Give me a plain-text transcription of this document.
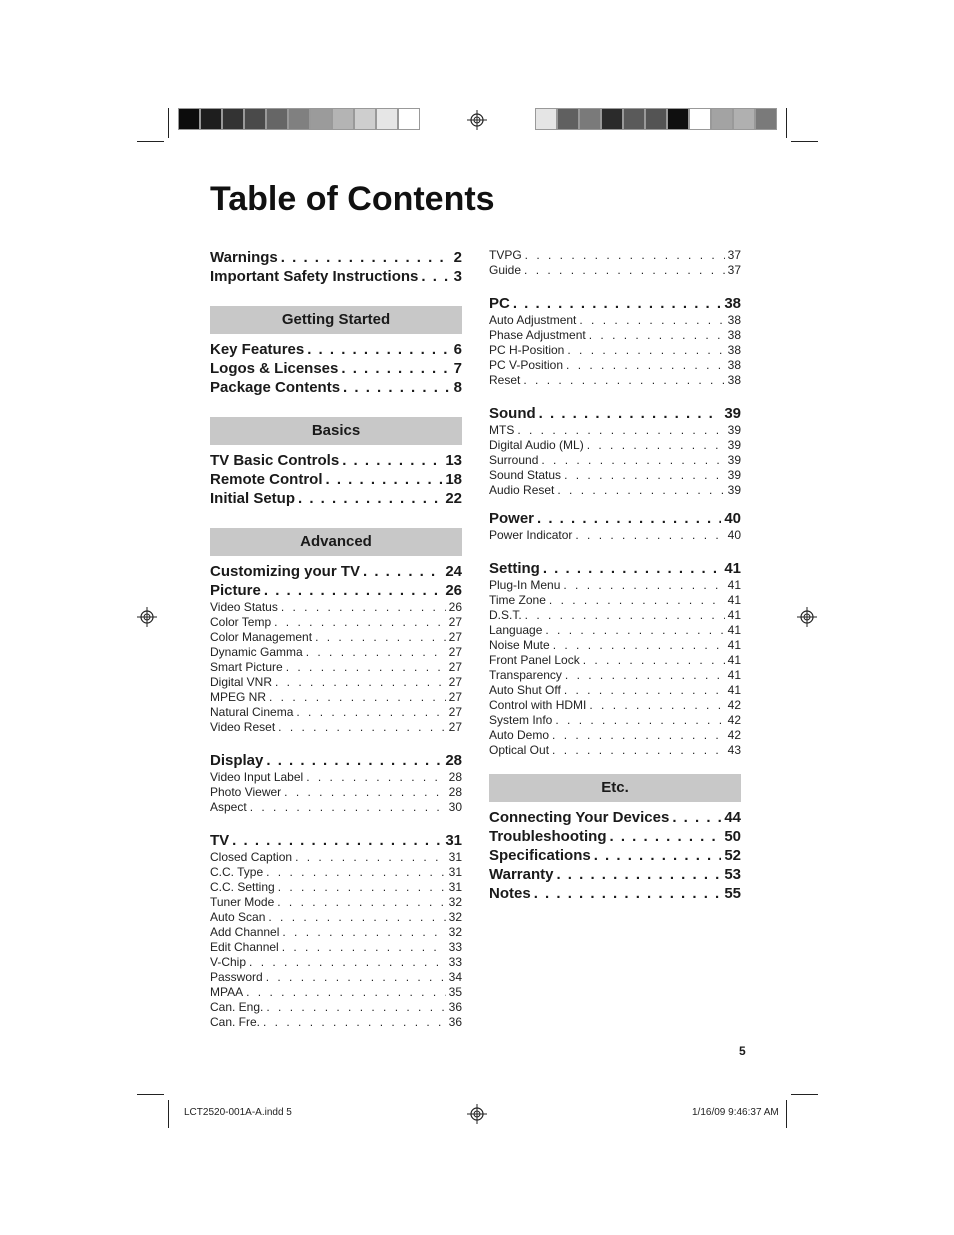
Table of Contents
Warnings . . .	2
Important Safety Instructions . . . 3
Getting Started
Key Features . . .	6
Logos & Licenses . . .	7
Package Contents . . .	8
Basics
TV Basic Controls . . .	13
Remote Control . . .	18
Initial Setup . . .	22
Advanced
Customizing your TV . . .	24
Picture . . .	26
Video Status . . .	26
Color Temp . . .	27
Color Management . . .	27
Dynamic Gamma . . .	27
Smart Picture . . .	27
Digital VNR . . .	27
MPEG NR . . .	27
Natural Cinema . . .	27
Video Reset . . .	27
Display . . .	28
Video Input Label . . .	28
Photo Viewer . . .	28
Aspect . . .	30
TV . . .	31
Closed Caption . . .	31
C.C. Type . . .	31
C.C. Setting . . .	31
Tuner Mode . . .	32
Auto Scan . . .	32
Add Channel . . .	32
Edit Channel . . .	33
V-Chip . . .	33
Password . . .	34
MPAA . . .	35
Can. Eng. . . .	36
Can. Fre. . . .	36
TVPG . . .	37
Guide . . .	37
PC . . .	38
Auto Adjustment . . .	38
Phase Adjustment . . .	38
PC H-Position . . .	38
PC V-Position . . .	38
Reset . . .	38
Sound . . .	39
MTS . . .	39
Digital Audio (ML) . . .	39
Surround . . .	39
Sound Status . . .	39
Audio Reset . . .	39
Power . . .	40
Power Indicator . . .	40
Setting . . .	41
Plug-In Menu . . .	41
Time Zone . . .	41
D.S.T. . . .	41
Language . . .	41
Noise Mute . . .	41
Front Panel Lock . . .	41
Transparency . . .	41
Auto Shut Off . . .	41
Control with HDMI . . .	42
System Info . . .	42
Auto Demo . . .	42
Optical Out . . .	43
Etc.
Connecting Your Devices . . .	44
Troubleshooting . . .	50
Specifications . . .	52
Warranty . . .	53
Notes . . .	55
5
LCT2520-001A-A.indd 5	1/16/09 9:46:37 AM
